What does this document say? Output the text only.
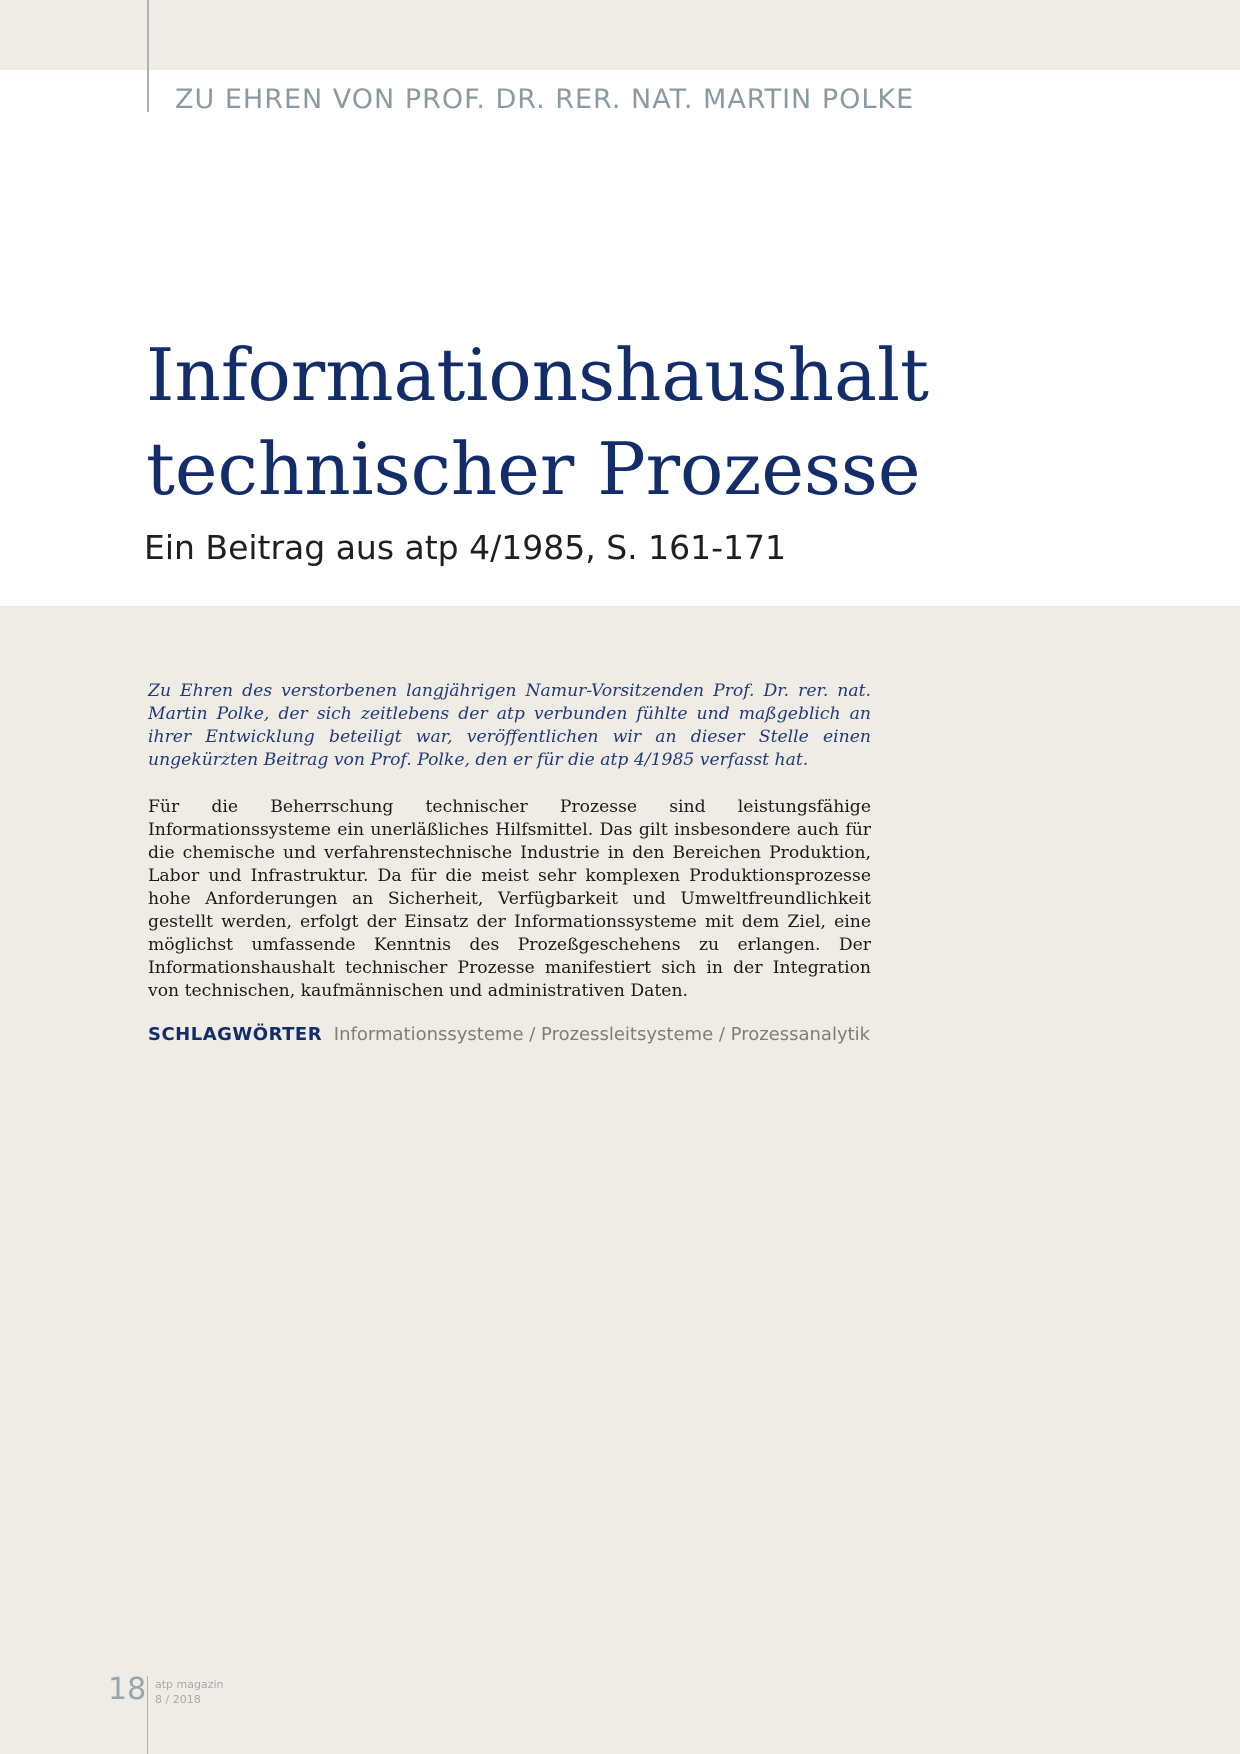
ZU EHREN VON PROF. DR. RER. NAT. MARTIN POLKE
Informationshaushalt
technischer Prozesse
Ein Beitrag aus atp 4/1985, S. 161-171

Zu Ehren des verstorbenen langjährigen Namur-Vorsitzenden Prof. Dr. rer. nat. Martin Polke, der sich zeitlebens der atp verbunden fühlte und maßgeblich an ihrer Entwicklung beteiligt war, veröffentlichen wir an dieser Stelle einen ungekürzten Beitrag von Prof. Polke, den er für die atp 4/1985 verfasst hat.

Für die Beherrschung technischer Prozesse sind leistungsfähige Informationssysteme ein unerläßliches Hilfsmittel. Das gilt insbesondere auch für die chemische und verfahrenstechnische Industrie in den Bereichen Produktion, Labor und Infrastruktur. Da für die meist sehr komplexen Produktionsprozesse hohe Anforderungen an Sicherheit, Verfügbarkeit und Umweltfreundlichkeit gestellt werden, erfolgt der Einsatz der Informationssysteme mit dem Ziel, eine möglichst umfassende Kenntnis des Prozeßgeschehens zu erlangen. Der Informationshaushalt technischer Prozesse manifestiert sich in der Integration von technischen, kaufmännischen und administrativen Daten.

SCHLAGWÖRTER Informationssysteme / Prozessleitsysteme / Prozessanalytik
18 atp magazin
8 / 2018
